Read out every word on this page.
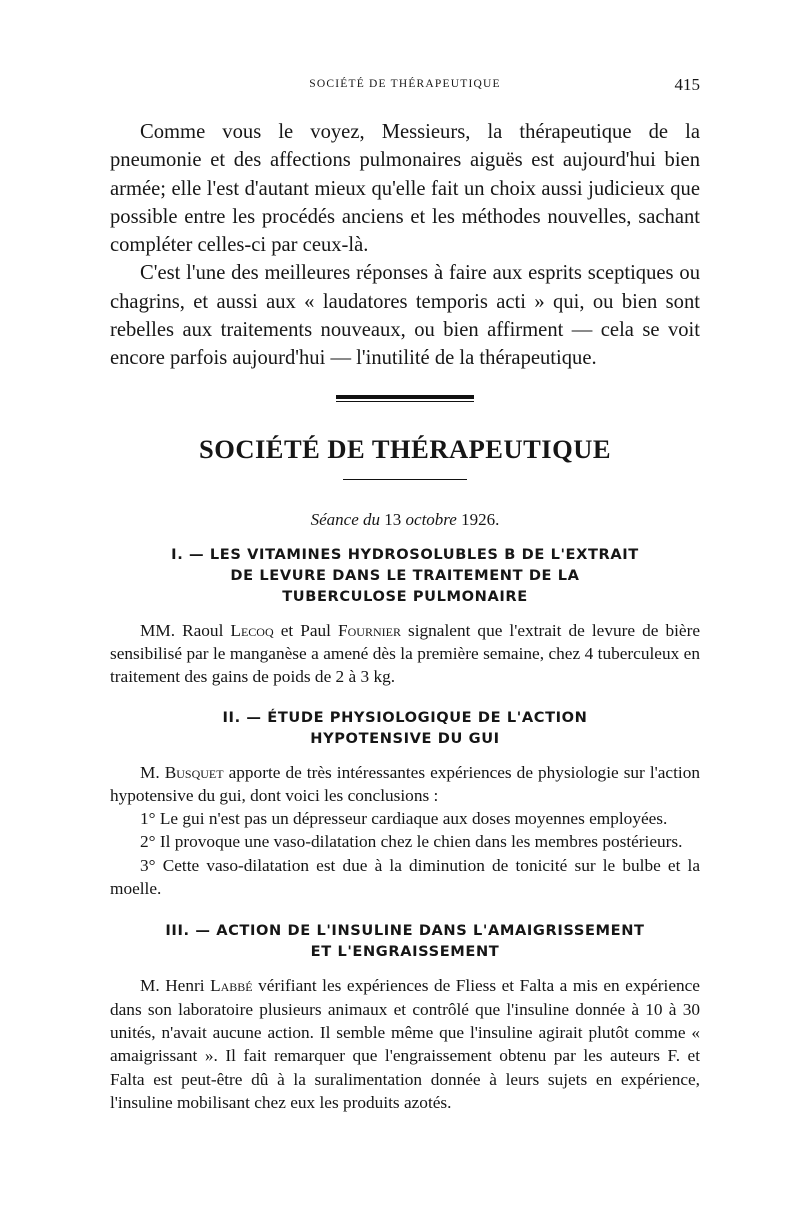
SOCIÉTÉ DE THÉRAPEUTIQUE	415

Comme vous le voyez, Messieurs, la thérapeutique de la pneumonie et des affections pulmonaires aiguës est aujourd'hui bien armée; elle l'est d'autant mieux qu'elle fait un choix aussi judicieux que possible entre les procédés anciens et les méthodes nouvelles, sachant compléter celles-ci par ceux-là.

C'est l'une des meilleures réponses à faire aux esprits sceptiques ou chagrins, et aussi aux « laudatores temporis acti » qui, ou bien sont rebelles aux traitements nouveaux, ou bien affirment — cela se voit encore parfois aujourd'hui — l'inutilité de la thérapeutique.

SOCIÉTÉ DE THÉRAPEUTIQUE
Séance du 13 octobre 1926.
I. — LES VITAMINES HYDROSOLUBLES B DE L'EXTRAIT
DE LEVURE DANS LE TRAITEMENT DE LA
TUBERCULOSE PULMONAIRE

MM. Raoul Lecoq et Paul Fournier signalent que l'extrait de levure de bière sensibilisé par le manganèse a amené dès la première semaine, chez 4 tuberculeux en traitement des gains de poids de 2 à 3 kg.

II. — ÉTUDE PHYSIOLOGIQUE DE L'ACTION
HYPOTENSIVE DU GUI

M. Busquet apporte de très intéressantes expériences de physiologie sur l'action hypotensive du gui, dont voici les conclusions :

1° Le gui n'est pas un dépresseur cardiaque aux doses moyennes employées.

2° Il provoque une vaso-dilatation chez le chien dans les membres postérieurs.

3° Cette vaso-dilatation est due à la diminution de tonicité sur le bulbe et la moelle.

III. — ACTION DE L'INSULINE DANS L'AMAIGRISSEMENT
ET L'ENGRAISSEMENT

M. Henri Labbé vérifiant les expériences de Fliess et Falta a mis en expérience dans son laboratoire plusieurs animaux et contrôlé que l'insuline donnée à 10 à 30 unités, n'avait aucune action. Il semble même que l'insuline agirait plutôt comme « amaigrissant ». Il fait remarquer que l'engraissement obtenu par les auteurs F. et Falta est peut-être dû à la suralimentation donnée à leurs sujets en expérience, l'insuline mobilisant chez eux les produits azotés.
